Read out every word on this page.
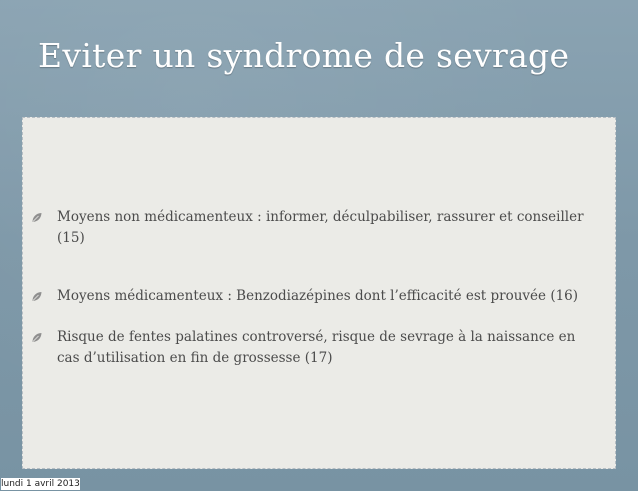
Eviter un syndrome de sevrage
Moyens non médicamenteux : informer, déculpabiliser, rassurer et conseiller (15)
Moyens médicamenteux : Benzodiazépines dont l’efficacité est prouvée (16)
Risque de fentes palatines controversé, risque de sevrage à la naissance en cas d’utilisation en fin de grossesse (17)
lundi 1 avril 2013
